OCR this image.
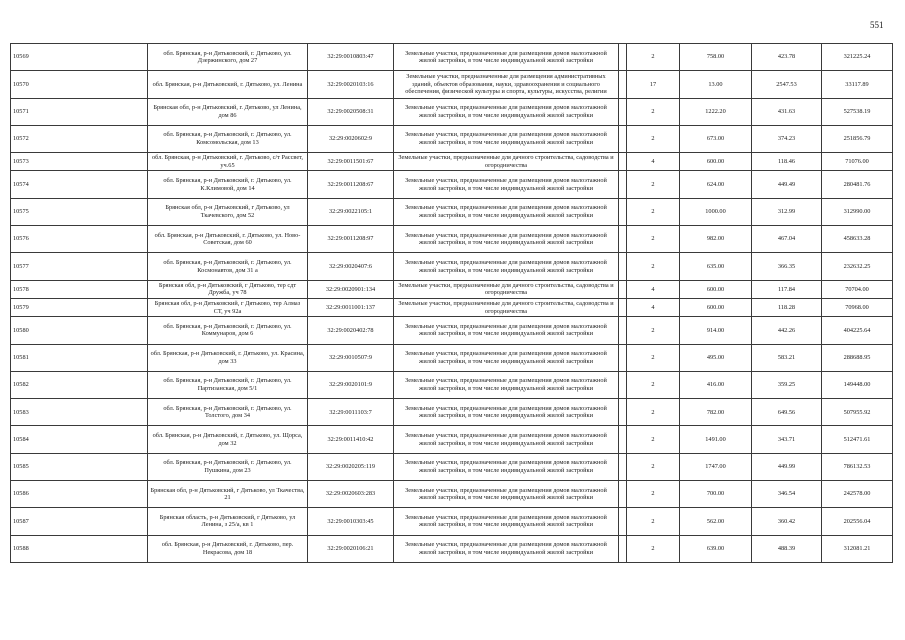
551
10569	обл. Брянская, р-н Дятьковский, г. Дятьково, ул. Дзержинского, дом 27	32:29:0010803:47	Земельные участки, предназначенные для размещения домов малоэтажной жилой застройки, в том числе индивидуальной жилой застройки		2	758.00	423.78	321225.24
10570	обл. Брянская, р-н Дятьковский, г. Дятьково, ул. Ленина	32:29:0020103:16	Земельные участки, предназначенные для размещения административных зданий, объектов образования, науки, здравоохранения и социального обеспечения, физической культуры и спорта, культуры, искусства, религии		17	13.00	2547.53	33117.89
10571	Брянская обл, р-н Дятьковский, г. Дятьково, ул Ленина, дом 86	32:29:0020508:31	Земельные участки, предназначенные для размещения домов малоэтажной жилой застройки, в том числе индивидуальной жилой застройки		2	1222.20	431.63	527538.19
10572	обл. Брянская, р-н Дятьковский, г. Дятьково, ул. Комсомольская, дом 13	32:29:0020602:9	Земельные участки, предназначенные для размещения домов малоэтажной жилой застройки, в том числе индивидуальной жилой застройки		2	673.00	374.23	251856.79
10573	обл. Брянская, р-н Дятьковский, г. Дятьково, с/т Рассвет, уч.65	32:29:0011501:67	Земельные участки, предназначенные для дачного строительства, садоводства и огородничества		4	600.00	118.46	71076.00
10574	обл. Брянская, р-н Дятьковский, г. Дятьково, ул. К.Климовой, дом 14	32:29:0011208:67	Земельные участки, предназначенные для размещения домов малоэтажной жилой застройки, в том числе индивидуальной жилой застройки		2	624.00	449.49	280481.76
10575	Брянская обл, р-н Дятьковский, г Дятьково, ул Ткачевского, дом 52	32:29:0022105:1	Земельные участки, предназначенные для размещения домов малоэтажной жилой застройки, в том числе индивидуальной жилой застройки		2	1000.00	312.99	312990.00
10576	обл. Брянская, р-н Дятьковский, г. Дятьково, ул. Ново-Советская, дом 60	32:29:0011208:97	Земельные участки, предназначенные для размещения домов малоэтажной жилой застройки, в том числе индивидуальной жилой застройки		2	982.00	467.04	458633.28
10577	обл. Брянская, р-н Дятьковский, г. Дятьково, ул. Космонавтов, дом 31 а	32:29:0020407:6	Земельные участки, предназначенные для размещения домов малоэтажной жилой застройки, в том числе индивидуальной жилой застройки		2	635.00	366.35	232632.25
10578	Брянская обл, р-н Дятьковский, г Дятьково, тер сдт Дружба, уч 78	32:29:0020901:134	Земельные участки, предназначенные для дачного строительства, садоводства и огородничества		4	600.00	117.84	70704.00
10579	Брянская обл, р-н Дятьковский, г Дятьково, тер Алмаз СТ, уч 92а	32:29:0011001:137	Земельные участки, предназначенные для дачного строительства, садоводства и огородничества		4	600.00	118.28	70968.00
10580	обл. Брянская, р-н Дятьковский, г. Дятьково, ул. Коммунаров, дом 6	32:29:0020402:78	Земельные участки, предназначенные для размещения домов малоэтажной жилой застройки, в том числе индивидуальной жилой застройки		2	914.00	442.26	404225.64
10581	обл. Брянская, р-н Дятьковский, г. Дятьково, ул. Красина, дом 33	32:29:0010507:9	Земельные участки, предназначенные для размещения домов малоэтажной жилой застройки, в том числе индивидуальной жилой застройки		2	495.00	583.21	288688.95
10582	обл. Брянская, р-н Дятьковский, г. Дятьково, ул. Партизанская, дом 5/1	32:29:0020101:9	Земельные участки, предназначенные для размещения домов малоэтажной жилой застройки, в том числе индивидуальной жилой застройки		2	416.00	359.25	149448.00
10583	обл. Брянская, р-н Дятьковский, г. Дятьково, ул. Толстого, дом 34	32:29:0011103:7	Земельные участки, предназначенные для размещения домов малоэтажной жилой застройки, в том числе индивидуальной жилой застройки		2	782.00	649.56	507955.92
10584	обл. Брянская, р-н Дятьковский, г. Дятьково, ул. Щорса, дом 32	32:29:0011410:42	Земельные участки, предназначенные для размещения домов малоэтажной жилой застройки, в том числе индивидуальной жилой застройки		2	1491.00	343.71	512471.61
10585	обл. Брянская, р-н Дятьковский, г. Дятьково, ул. Пушкина, дом 23	32:29:0020205:119	Земельные участки, предназначенные для размещения домов малоэтажной жилой застройки, в том числе индивидуальной жилой застройки		2	1747.00	449.99	786132.53
10586	Брянская обл, р-н Дятьковский, г Дятьково, ул Ткачества, 21	32:29:0020603:283	Земельные участки, предназначенные для размещения домов малоэтажной жилой застройки, в том числе индивидуальной жилой застройки		2	700.00	346.54	242578.00
10587	Брянская область, р-н Дятьковский, г Дятьково, ул Ленина, з 25/а, кв 1	32:29:0010303:45	Земельные участки, предназначенные для размещения домов малоэтажной жилой застройки, в том числе индивидуальной жилой застройки		2	562.00	360.42	202556.04
10588	обл. Брянская, р-н Дятьковский, г. Дятьково, пер. Некрасова, дом 18	32:29:0020106:21	Земельные участки, предназначенные для размещения домов малоэтажной жилой застройки, в том числе индивидуальной жилой застройки		2	639.00	488.39	312081.21
